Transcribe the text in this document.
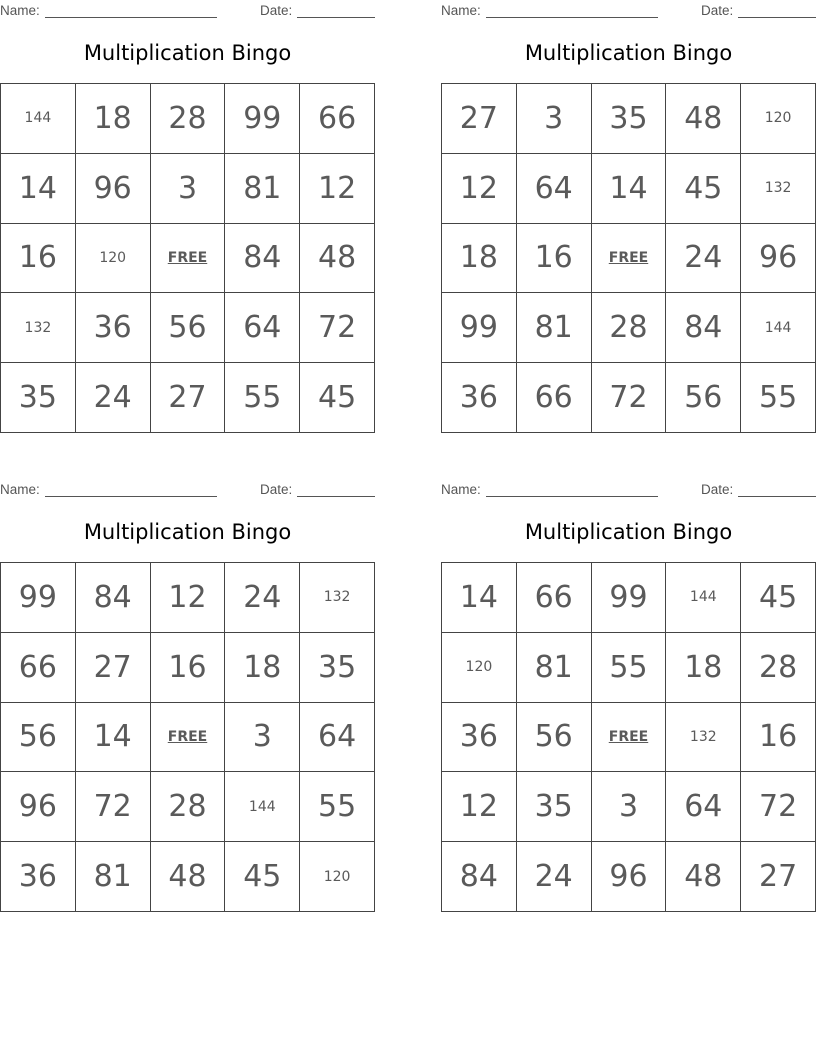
Name:	Date:
Multiplication Bingo
144	18	28	99	66
14	96	3	81	12
16	120	FREE	84	48
132	36	56	64	72
35	24	27	55	45
Name:	Date:
Multiplication Bingo
27	3	35	48	120
12	64	14	45	132
18	16	FREE	24	96
99	81	28	84	144
36	66	72	56	55
Name:	Date:
Multiplication Bingo
99	84	12	24	132
66	27	16	18	35
56	14	FREE	3	64
96	72	28	144	55
36	81	48	45	120
Name:	Date:
Multiplication Bingo
14	66	99	144	45
120	81	55	18	28
36	56	FREE	132	16
12	35	3	64	72
84	24	96	48	27
